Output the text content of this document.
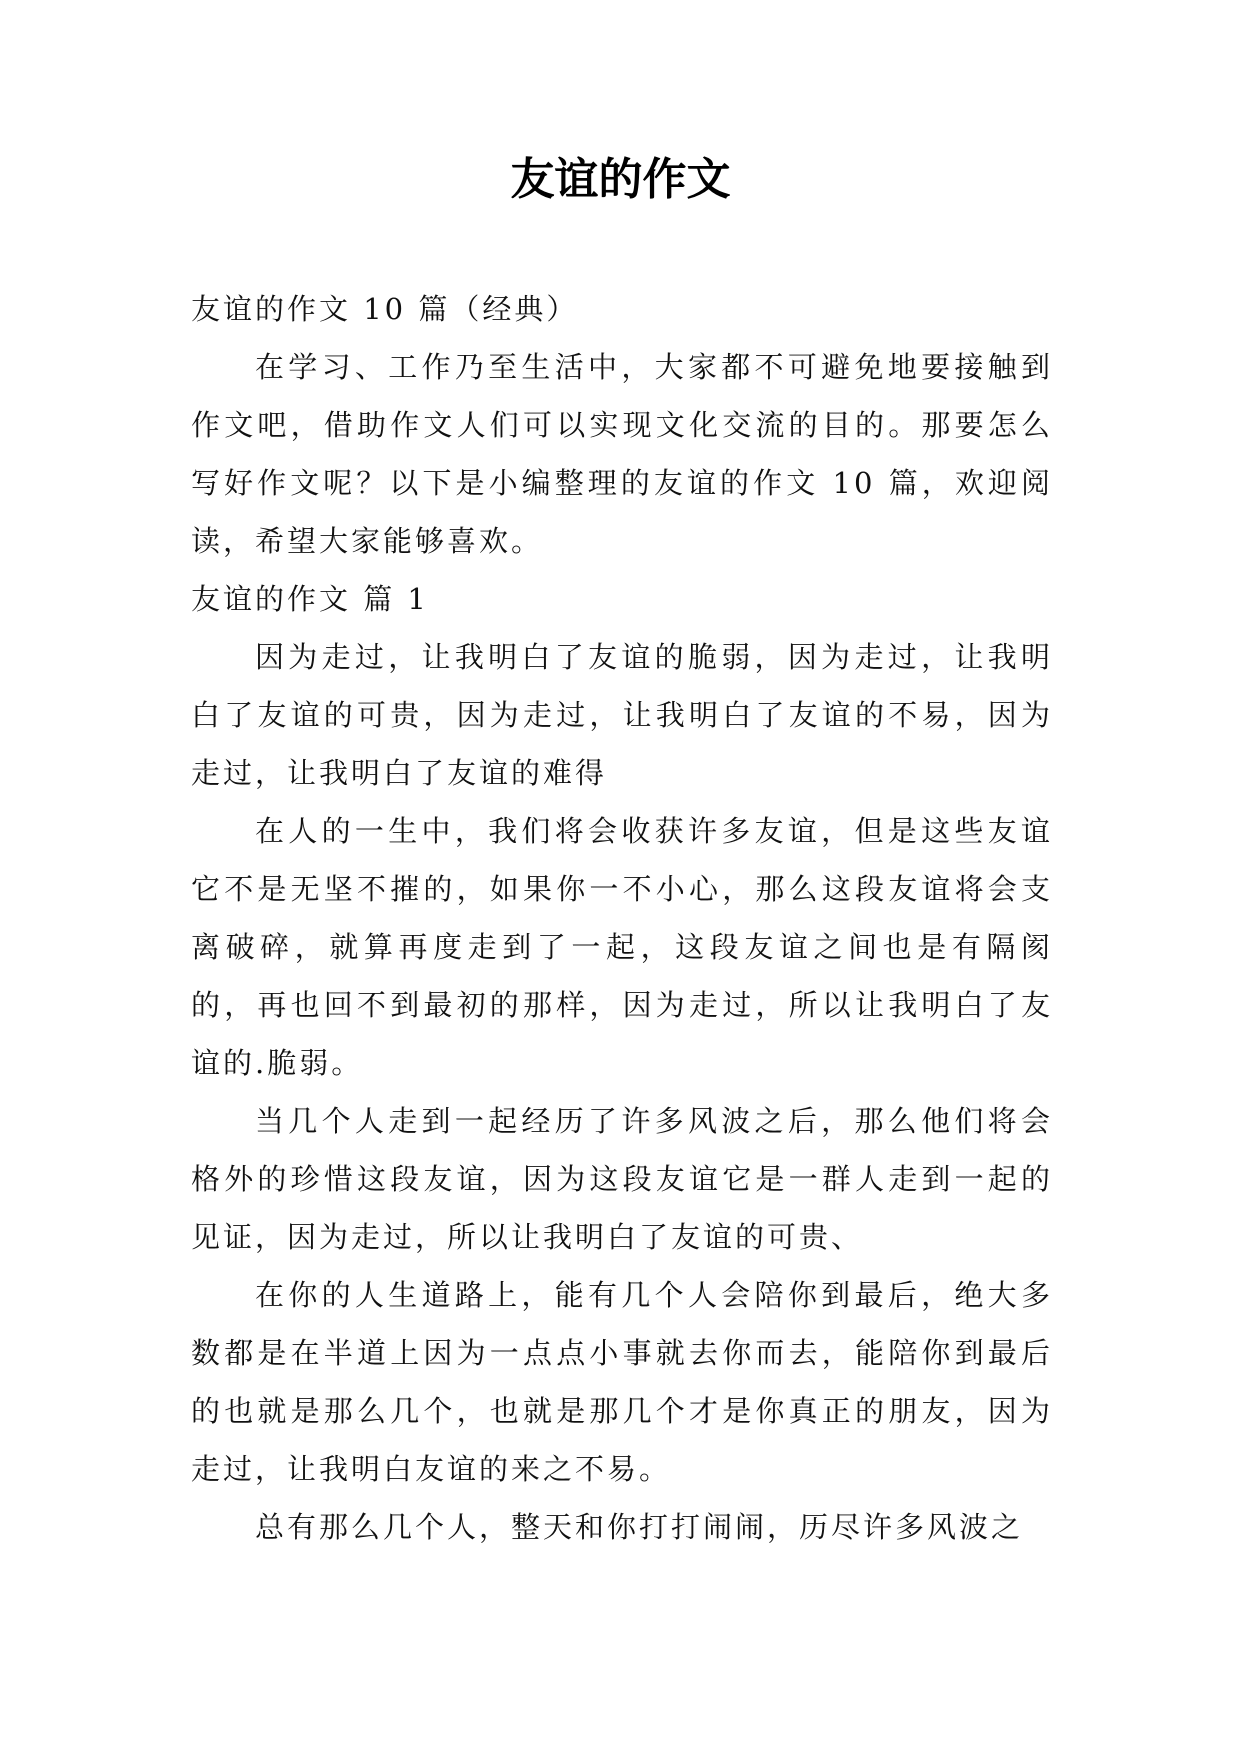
友谊的作文

友谊的作文 10 篇（经典）

在学习、工作乃至生活中，大家都不可避免地要接触到作文吧，借助作文人们可以实现文化交流的目的。那要怎么写好作文呢？以下是小编整理的友谊的作文 10 篇，欢迎阅读，希望大家能够喜欢。

友谊的作文 篇 1

因为走过，让我明白了友谊的脆弱，因为走过，让我明白了友谊的可贵，因为走过，让我明白了友谊的不易，因为走过，让我明白了友谊的难得

在人的一生中，我们将会收获许多友谊，但是这些友谊它不是无坚不摧的，如果你一不小心，那么这段友谊将会支离破碎，就算再度走到了一起，这段友谊之间也是有隔阂的，再也回不到最初的那样，因为走过，所以让我明白了友谊的.脆弱。

当几个人走到一起经历了许多风波之后，那么他们将会格外的珍惜这段友谊，因为这段友谊它是一群人走到一起的见证，因为走过，所以让我明白了友谊的可贵、

在你的人生道路上，能有几个人会陪你到最后，绝大多数都是在半道上因为一点点小事就去你而去，能陪你到最后的也就是那么几个，也就是那几个才是你真正的朋友，因为走过，让我明白友谊的来之不易。

总有那么几个人，整天和你打打闹闹，历尽许多风波之
